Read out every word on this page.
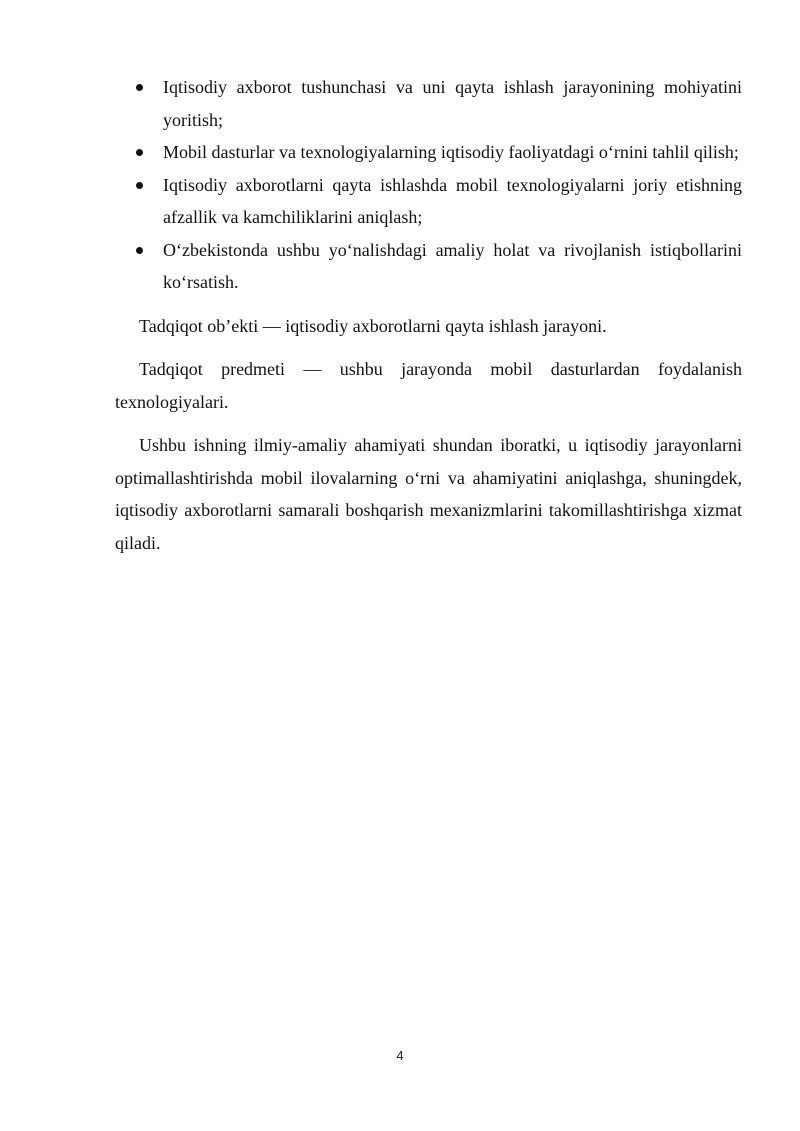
Iqtisodiy axborot tushunchasi va uni qayta ishlash jarayonining mohiyatini yoritish;
Mobil dasturlar va texnologiyalarning iqtisodiy faoliyatdagi o‘rnini tahlil qilish;
Iqtisodiy axborotlarni qayta ishlashda mobil texnologiyalarni joriy etishning afzallik va kamchiliklarini aniqlash;
O‘zbekistonda ushbu yo‘nalishdagi amaliy holat va rivojlanish istiqbollarini ko‘rsatish.

Tadqiqot ob’ekti — iqtisodiy axborotlarni qayta ishlash jarayoni.

Tadqiqot predmeti — ushbu jarayonda mobil dasturlardan foydalanish texnologiyalari.

Ushbu ishning ilmiy-amaliy ahamiyati shundan iboratki, u iqtisodiy jarayonlarni optimallashtirishda mobil ilovalarning o‘rni va ahamiyatini aniqlashga, shuningdek, iqtisodiy axborotlarni samarali boshqarish mexanizmlarini takomillashtirishga xizmat qiladi.

4
